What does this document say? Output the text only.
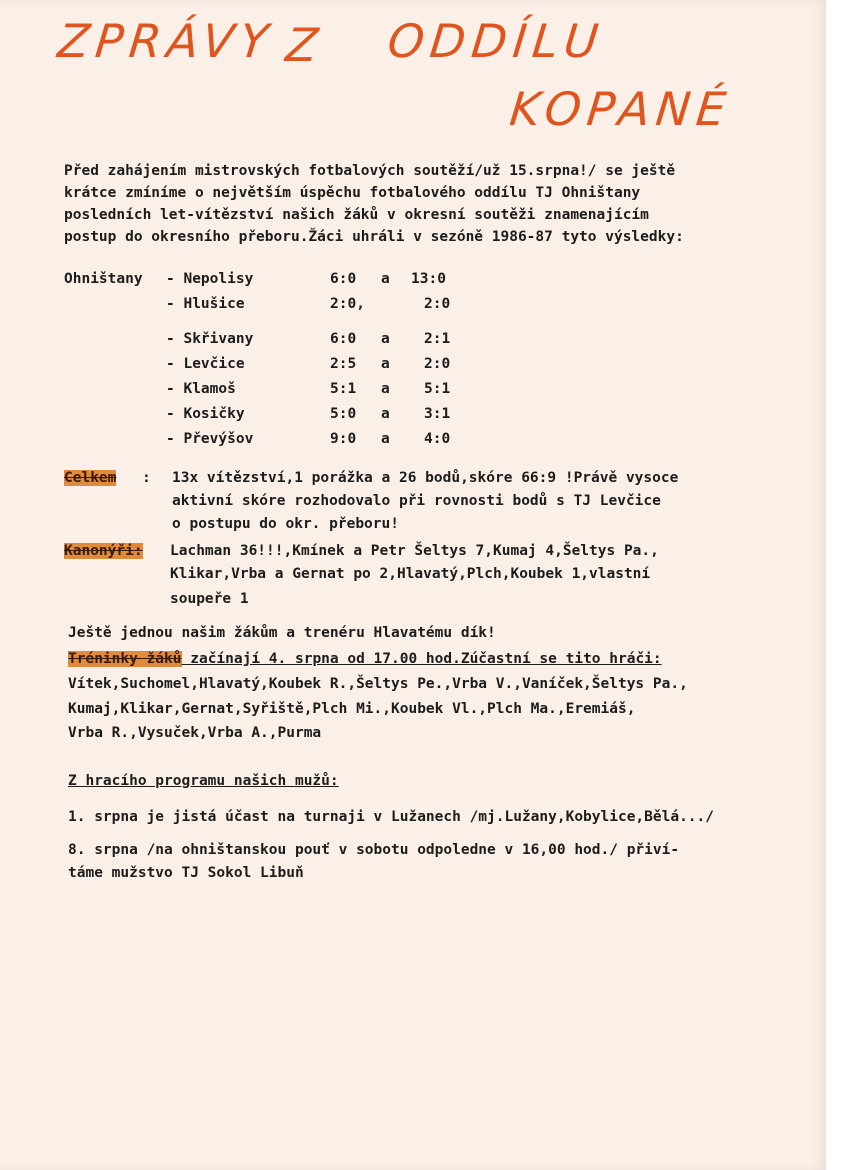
ZPRÁVY Z ODDÍLU
KOPANÉ
Před zahájením mistrovských fotbalových soutěží/už 15.srpna!/ se ještě
krátce zmíníme o největším úspěchu fotbalového oddílu TJ Ohništany
posledních let-vítězství našich žáků v okresní soutěži znamenajícím
postup do okresního přeboru.Žáci uhráli v sezóně 1986-87 tyto výsledky:
Ohništany - Nepolisy	6:0 a 13:0
- Hlušice	2:0,	2:0
- Skřivany	6:0 a 2:1
- Levčice	2:5 a 2:0
- Klamoš	5:1 a 5:1
- Kosičky	5:0 a 3:1
- Převýšov	9:0 a 4:0
Celkem : 13x vítězství,1 porážka a 26 bodů,skóre 66:9 !Právě vysoce
aktivní skóre rozhodovalo při rovnosti bodů s TJ Levčice
o postupu do okr. přeboru!
Kanonýři: Lachman 36!!!,Kmínek a Petr Šeltys 7,Kumaj 4,Šeltys Pa.,
Klikar,Vrba a Gernat po 2,Hlavatý,Plch,Koubek 1,vlastní
soupeře 1
Ještě jednou našim žákům a trenéru Hlavatému dík!
Tréninky žáků začínají 4. srpna od 17.00 hod.Zúčastní se tito hráči:
Vítek,Suchomel,Hlavatý,Koubek R.,Šeltys Pe.,Vrba V.,Vaníček,Šeltys Pa.,
Kumaj,Klikar,Gernat,Syřiště,Plch Mi.,Koubek Vl.,Plch Ma.,Eremiáš,
Vrba R.,Vysuček,Vrba A.,Purma
Z hracího programu našich mužů:
1. srpna je jistá účast na turnaji v Lužanech /mj.Lužany,Kobylice,Bělá.../
8. srpna /na ohništanskou pouť v sobotu odpoledne v 16,00 hod./ přiví-
táme mužstvo TJ Sokol Libuň
